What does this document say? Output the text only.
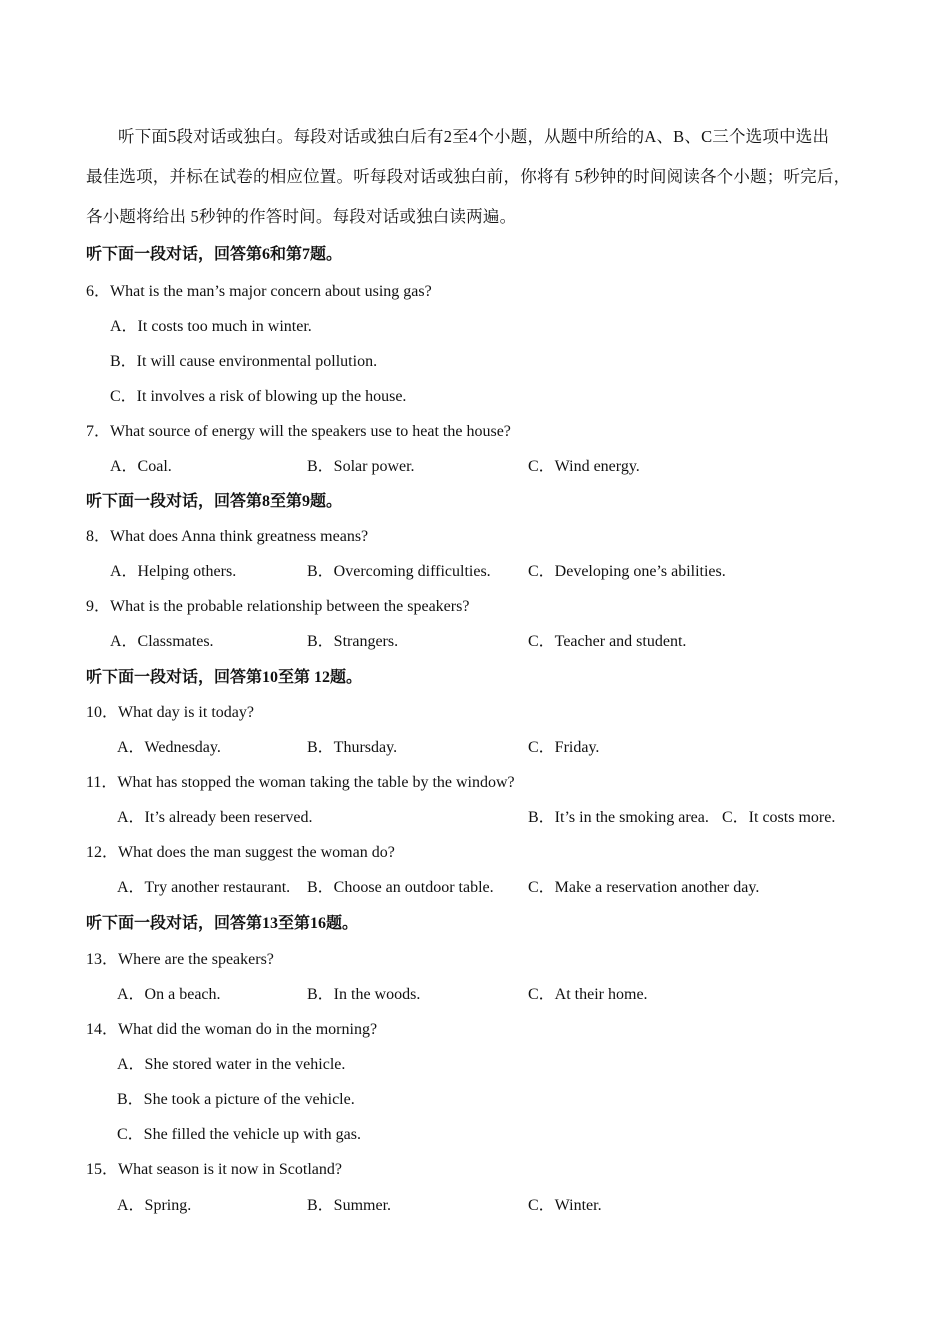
听下面5段对话或独白。每段对话或独白后有2至4个小题，从题中所给的A、B、C三个选项中选出
最佳选项，并标在试卷的相应位置。听每段对话或独白前，你将有 5秒钟的时间阅读各个小题；听完后，
各小题将给出 5秒钟的作答时间。每段对话或独白读两遍。
听下面一段对话，回答第6和第7题。
6．What is the man’s major concern about using gas?
A．It costs too much in winter.
B．It will cause environmental pollution.
C．It involves a risk of blowing up the house.
7．What source of energy will the speakers use to heat the house?
A．Coal.	B．Solar power.	C．Wind energy.
听下面一段对话，回答第8至第9题。
8．What does Anna think greatness means?
A．Helping others.	B．Overcoming difficulties. C．Developing one’s abilities.
9．What is the probable relationship between the speakers?
A．Classmates.	B．Strangers.	C．Teacher and student.
听下面一段对话，回答第10至第 12题。
10．What day is it today?
A．Wednesday.	B．Thursday.	C．Friday.
11．What has stopped the woman taking the table by the window?
A．It’s already been reserved.	B．It’s in the smoking area. C．It costs more.
12．What does the man suggest the woman do?
A．Try another restaurant. B．Choose an outdoor table. C．Make a reservation another day.
听下面一段对话，回答第13至第16题。
13．Where are the speakers?
A．On a beach.	B．In the woods.	C．At their home.
14．What did the woman do in the morning?
A．She stored water in the vehicle.
B．She took a picture of the vehicle.
C．She filled the vehicle up with gas.
15．What season is it now in Scotland?
A．Spring.	B．Summer.	C．Winter.
